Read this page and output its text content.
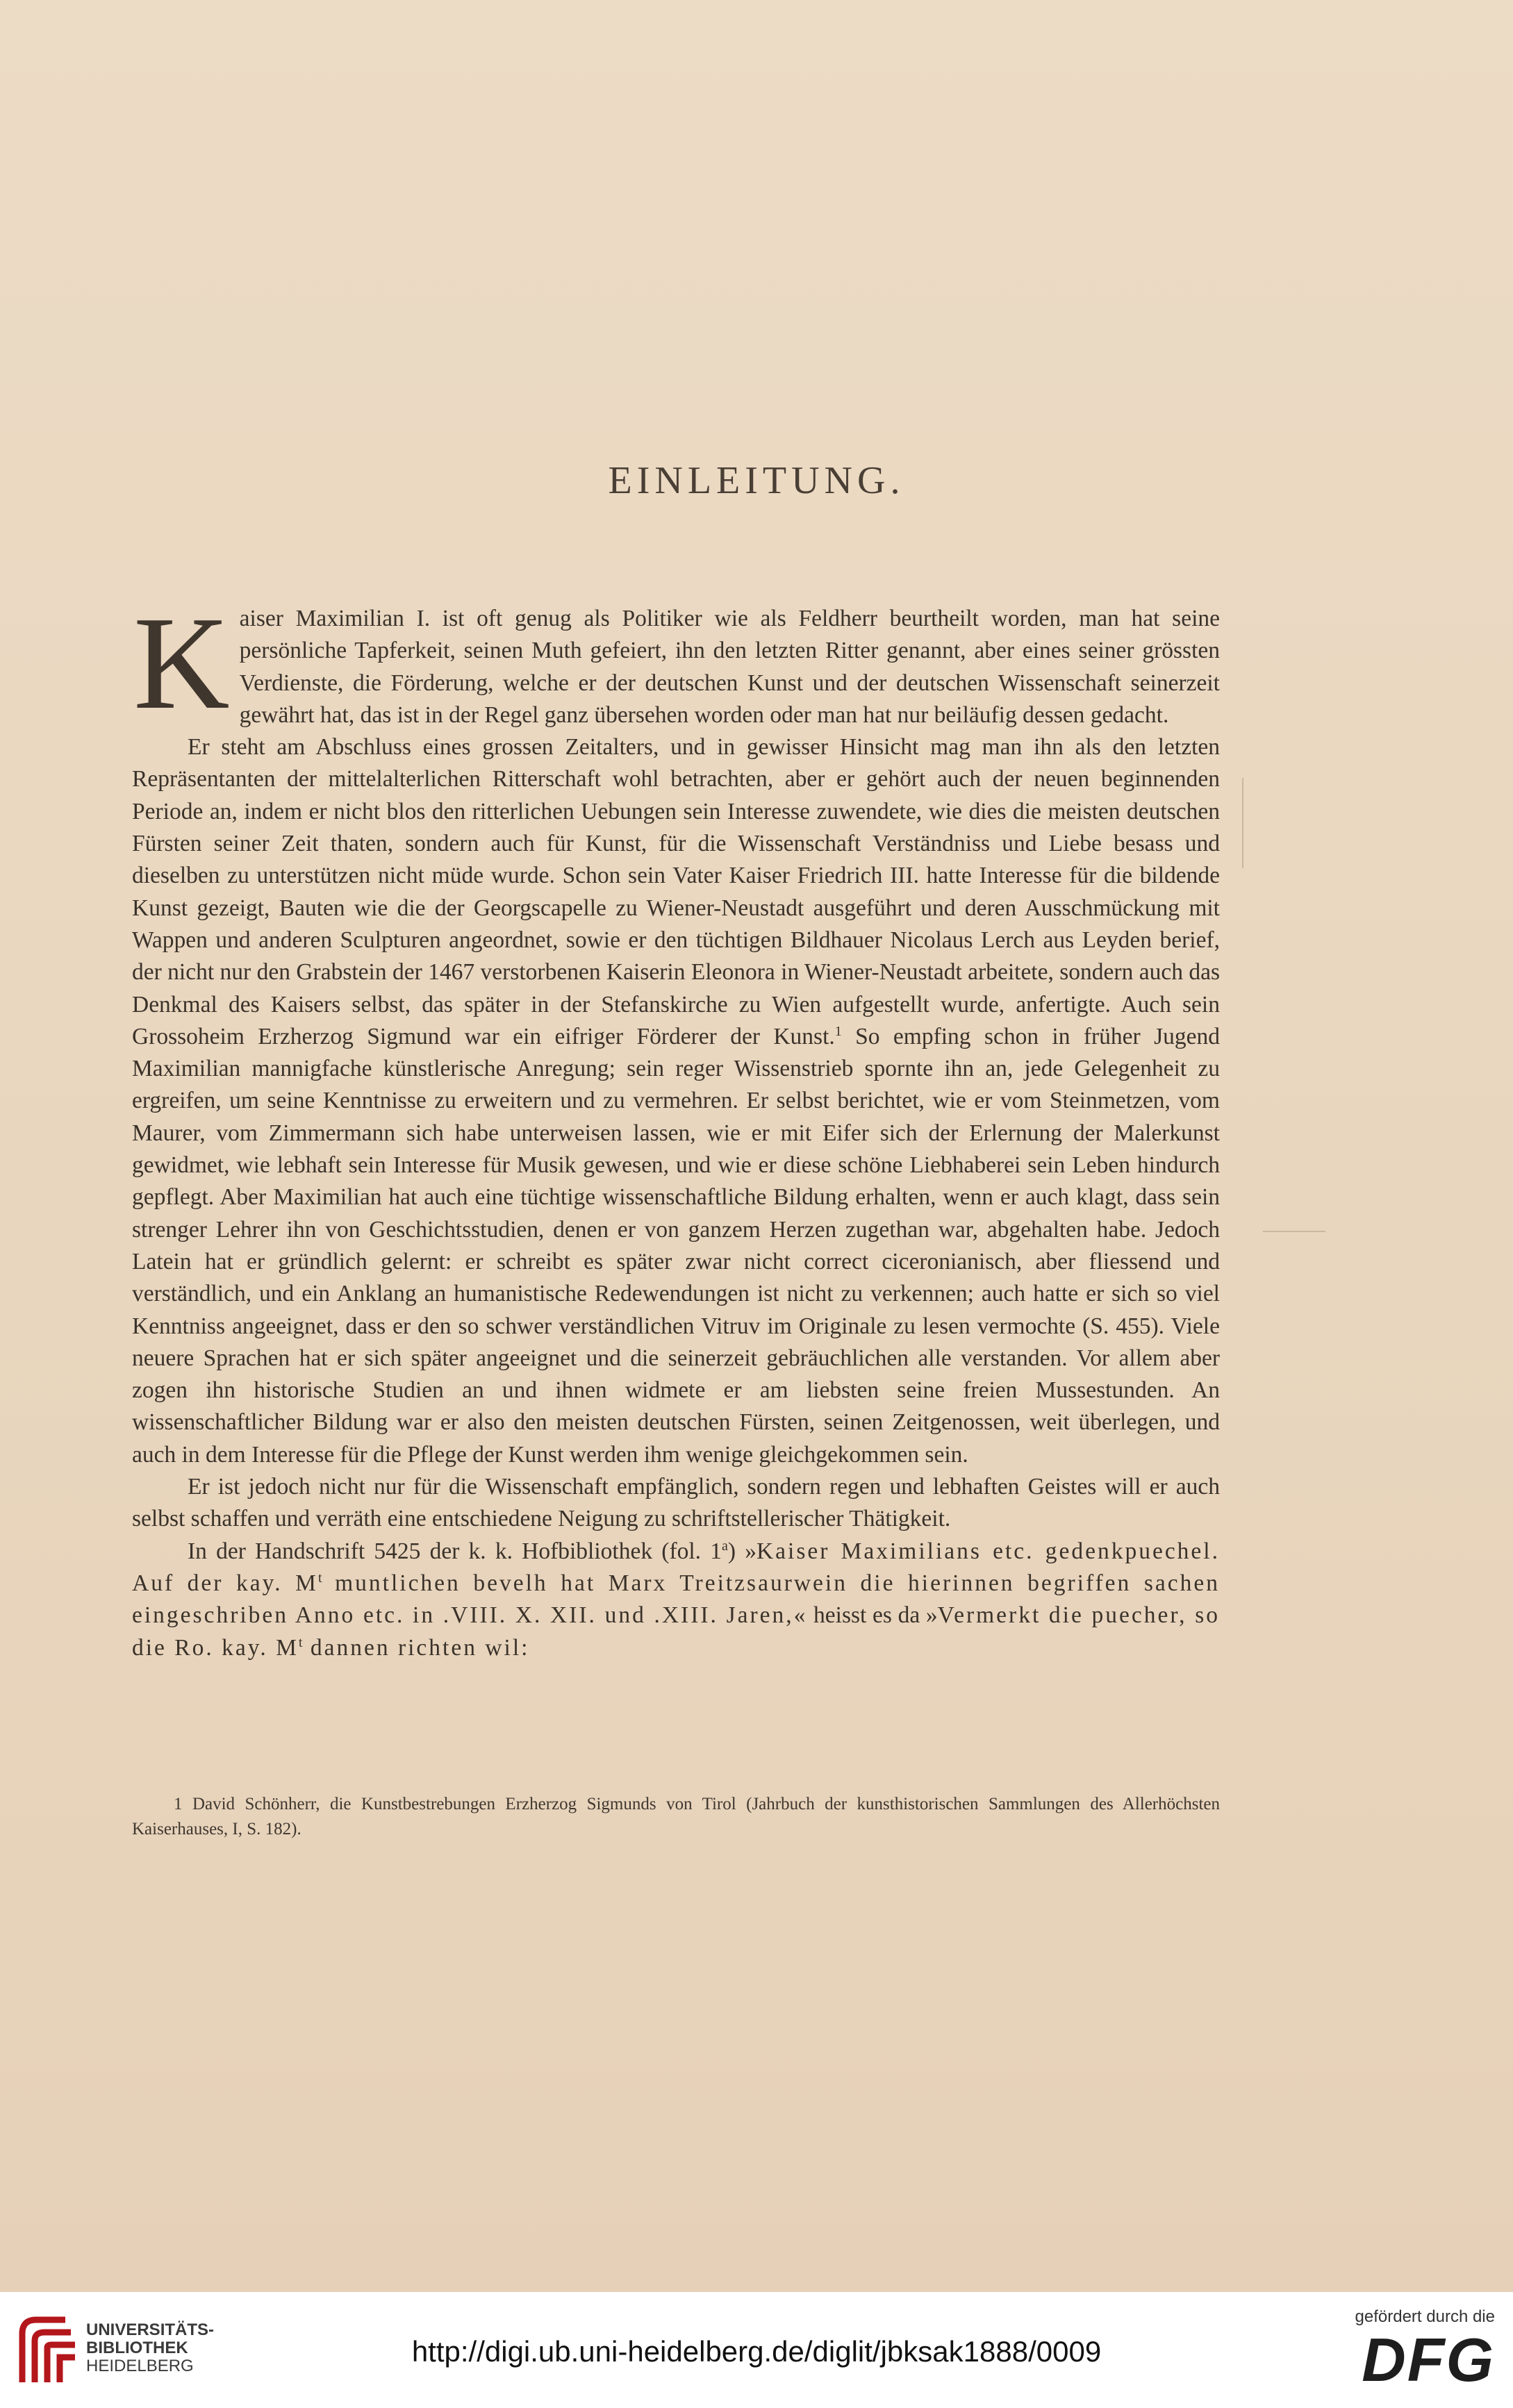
EINLEITUNG.

Kaiser Maximilian I. ist oft genug als Politiker wie als Feldherr beurtheilt worden, man hat seine persönliche Tapferkeit, seinen Muth gefeiert, ihn den letzten Ritter genannt, aber eines seiner grössten Verdienste, die Förderung, welche er der deutschen Kunst und der deutschen Wissenschaft seinerzeit gewährt hat, das ist in der Regel ganz übersehen worden oder man hat nur beiläufig dessen gedacht.

Er steht am Abschluss eines grossen Zeitalters, und in gewisser Hinsicht mag man ihn als den letzten Repräsentanten der mittelalterlichen Ritterschaft wohl betrachten, aber er gehört auch der neuen beginnenden Periode an, indem er nicht blos den ritterlichen Uebungen sein Interesse zuwendete, wie dies die meisten deutschen Fürsten seiner Zeit thaten, sondern auch für Kunst, für die Wissenschaft Verständniss und Liebe besass und dieselben zu unterstützen nicht müde wurde. Schon sein Vater Kaiser Friedrich III. hatte Interesse für die bildende Kunst gezeigt, Bauten wie die der Georgscapelle zu Wiener-Neustadt ausgeführt und deren Ausschmückung mit Wappen und anderen Sculpturen angeordnet, sowie er den tüchtigen Bildhauer Nicolaus Lerch aus Leyden berief, der nicht nur den Grabstein der 1467 verstorbenen Kaiserin Eleonora in Wiener-Neustadt arbeitete, sondern auch das Denkmal des Kaisers selbst, das später in der Stefanskirche zu Wien aufgestellt wurde, anfertigte. Auch sein Grossoheim Erzherzog Sigmund war ein eifriger Förderer der Kunst.$^1$ So empfing schon in früher Jugend Maximilian mannigfache künstlerische Anregung; sein reger Wissenstrieb spornte ihn an, jede Gelegenheit zu ergreifen, um seine Kenntnisse zu erweitern und zu vermehren. Er selbst berichtet, wie er vom Steinmetzen, vom Maurer, vom Zimmermann sich habe unterweisen lassen, wie er mit Eifer sich der Erlernung der Malerkunst gewidmet, wie lebhaft sein Interesse für Musik gewesen, und wie er diese schöne Liebhaberei sein Leben hindurch gepflegt. Aber Maximilian hat auch eine tüchtige wissenschaftliche Bildung erhalten, wenn er auch klagt, dass sein strenger Lehrer ihn von Geschichtsstudien, denen er von ganzem Herzen zugethan war, abgehalten habe. Jedoch Latein hat er gründlich gelernt: er schreibt es später zwar nicht correct ciceronianisch, aber fliessend und verständlich, und ein Anklang an humanistische Redewendungen ist nicht zu verkennen; auch hatte er sich so viel Kenntniss angeeignet, dass er den so schwer verständlichen Vitruv im Originale zu lesen vermochte (S. 455). Viele neuere Sprachen hat er sich später angeeignet und die seinerzeit gebräuchlichen alle verstanden. Vor allem aber zogen ihn historische Studien an und ihnen widmete er am liebsten seine freien Mussestunden. An wissenschaftlicher Bildung war er also den meisten deutschen Fürsten, seinen Zeitgenossen, weit überlegen, und auch in dem Interesse für die Pflege der Kunst werden ihm wenige gleichgekommen sein.

Er ist jedoch nicht nur für die Wissenschaft empfänglich, sondern regen und lebhaften Geistes will er auch selbst schaffen und verräth eine entschiedene Neigung zu schriftstellerischer Thätigkeit.

In der Handschrift 5425 der k. k. Hofbibliothek (fol. 1$^a$) »Kaiser Maximilians etc. gedenkpuechel. Auf der kay. $M^t$ muntlichen bevelh hat Marx Treitzsaurwein die hierinnen begriffen sachen eingeschriben Anno etc. in .VIII. X. XII. und .XIII. Jaren,« heisst es da »Vermerkt die puecher, so die Ro. kay. $M^t$ dannen richten wil:

1 David Schönherr, die Kunstbestrebungen Erzherzog Sigmunds von Tirol (Jahrbuch der kunsthistorischen Sammlungen des Allerhöchsten Kaiserhauses, I, S. 182).
UNIVERSITÄTS-
BIBLIOTHEK
HEIDELBERG	http://digi.ub.uni-heidelberg.de/diglit/jbksak1888/0009
gefördert durch die
DFG
